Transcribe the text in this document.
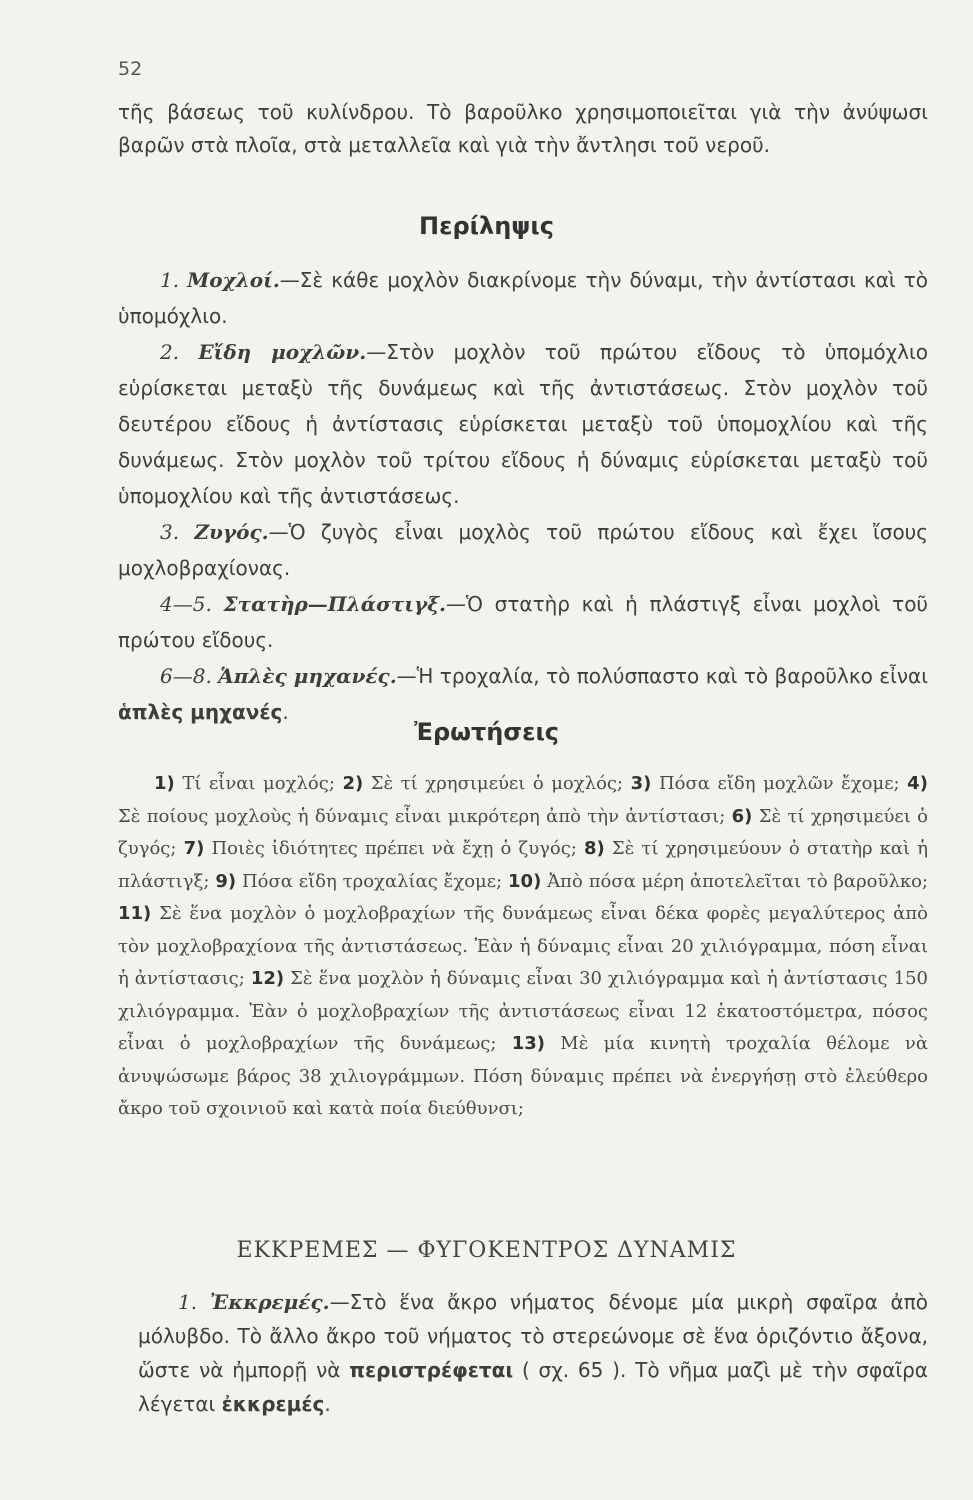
52
τῆς βάσεως τοῦ κυλίνδρου. Τὸ βαροῦλκο χρησιμοποιεῖται γιὰ τὴν ἀνύψωσι βαρῶν στὰ πλοῖα, στὰ μεταλλεῖα καὶ γιὰ τὴν ἄντλησι τοῦ νεροῦ.
Περίληψις

1. Μοχλοί.—Σὲ κάθε μοχλὸν διακρίνομε τὴν δύναμι, τὴν ἀντίστασι καὶ τὸ ὑπομόχλιο.

2. Εἴδη μοχλῶν.—Στὸν μοχλὸν τοῦ πρώτου εἴδους τὸ ὑπομόχλιο εὑρίσκεται μεταξὺ τῆς δυνάμεως καὶ τῆς ἀντιστάσεως. Στὸν μοχλὸν τοῦ δευτέρου εἴδους ἡ ἀντίστασις εὑρίσκεται μεταξὺ τοῦ ὑπομοχλίου καὶ τῆς δυνάμεως. Στὸν μοχλὸν τοῦ τρίτου εἴδους ἡ δύναμις εὑρίσκεται μεταξὺ τοῦ ὑπομοχλίου καὶ τῆς ἀντιστάσεως.

3. Ζυγός.—Ὁ ζυγὸς εἶναι μοχλὸς τοῦ πρώτου εἴδους καὶ ἔχει ἴσους μοχλοβραχίονας.

4—5. Στατὴρ—Πλάστιγξ.—Ὁ στατὴρ καὶ ἡ πλάστιγξ εἶναι μοχλοὶ τοῦ πρώτου εἴδους.

6—8. Ἁπλὲς μηχανές.—Ἡ τροχαλία, τὸ πολύσπαστο καὶ τὸ βαροῦλκο εἶναι ἁπλὲς μηχανές.

Ἐρωτήσεις

1) Τί εἶναι μοχλός; 2) Σὲ τί χρησιμεύει ὁ μοχλός; 3) Πόσα εἴδη μοχλῶν ἔχομε; 4) Σὲ ποίους μοχλοὺς ἡ δύναμις εἶναι μικρότερη ἀπὸ τὴν ἀντίστασι; 6) Σὲ τί χρησιμεύει ὁ ζυγός; 7) Ποιὲς ἰδιότητες πρέπει νὰ ἔχῃ ὁ ζυγός; 8) Σὲ τί χρησιμεύουν ὁ στατὴρ καὶ ἡ πλάστιγξ; 9) Πόσα εἴδη τροχαλίας ἔχομε; 10) Ἀπὸ πόσα μέρη ἀποτελεῖται τὸ βαροῦλκο; 11) Σὲ ἕνα μοχλὸν ὁ μοχλοβραχίων τῆς δυνάμεως εἶναι δέκα φορὲς μεγαλύτερος ἀπὸ τὸν μοχλοβραχίονα τῆς ἀντιστάσεως. Ἐὰν ἡ δύναμις εἶναι 20 χιλιόγραμμα, πόση εἶναι ἡ ἀντίστασις; 12) Σὲ ἕνα μοχλὸν ἡ δύναμις εἶναι 30 χιλιόγραμμα καὶ ἡ ἀντίστασις 150 χιλιόγραμμα. Ἐὰν ὁ μοχλοβραχίων τῆς ἀντιστάσεως εἶναι 12 ἑκατοστόμετρα, πόσος εἶναι ὁ μοχλοβραχίων τῆς δυνάμεως; 13) Μὲ μία κινητὴ τροχαλία θέλομε νὰ ἀνυψώσωμε βάρος 38 χιλιογράμμων. Πόση δύναμις πρέπει νὰ ἐνεργήσῃ στὸ ἐλεύθερο ἄκρο τοῦ σχοινιοῦ καὶ κατὰ ποία διεύθυνσι;

ΕΚΚΡΕΜΕΣ — ΦΥΓΟΚΕΝΤΡΟΣ ΔΥΝΑΜΙΣ

1. Ἐκκρεμές.—Στὸ ἕνα ἄκρο νήματος δένομε μία μικρὴ σφαῖρα ἀπὸ μόλυβδο. Τὸ ἄλλο ἄκρο τοῦ νήματος τὸ στερεώνομε σὲ ἕνα ὁριζόντιο ἄξονα, ὥστε νὰ ἠμπορῇ νὰ περιστρέφεται ( σχ. 65 ). Τὸ νῆμα μαζὶ μὲ τὴν σφαῖρα λέγεται ἐκκρεμές.
